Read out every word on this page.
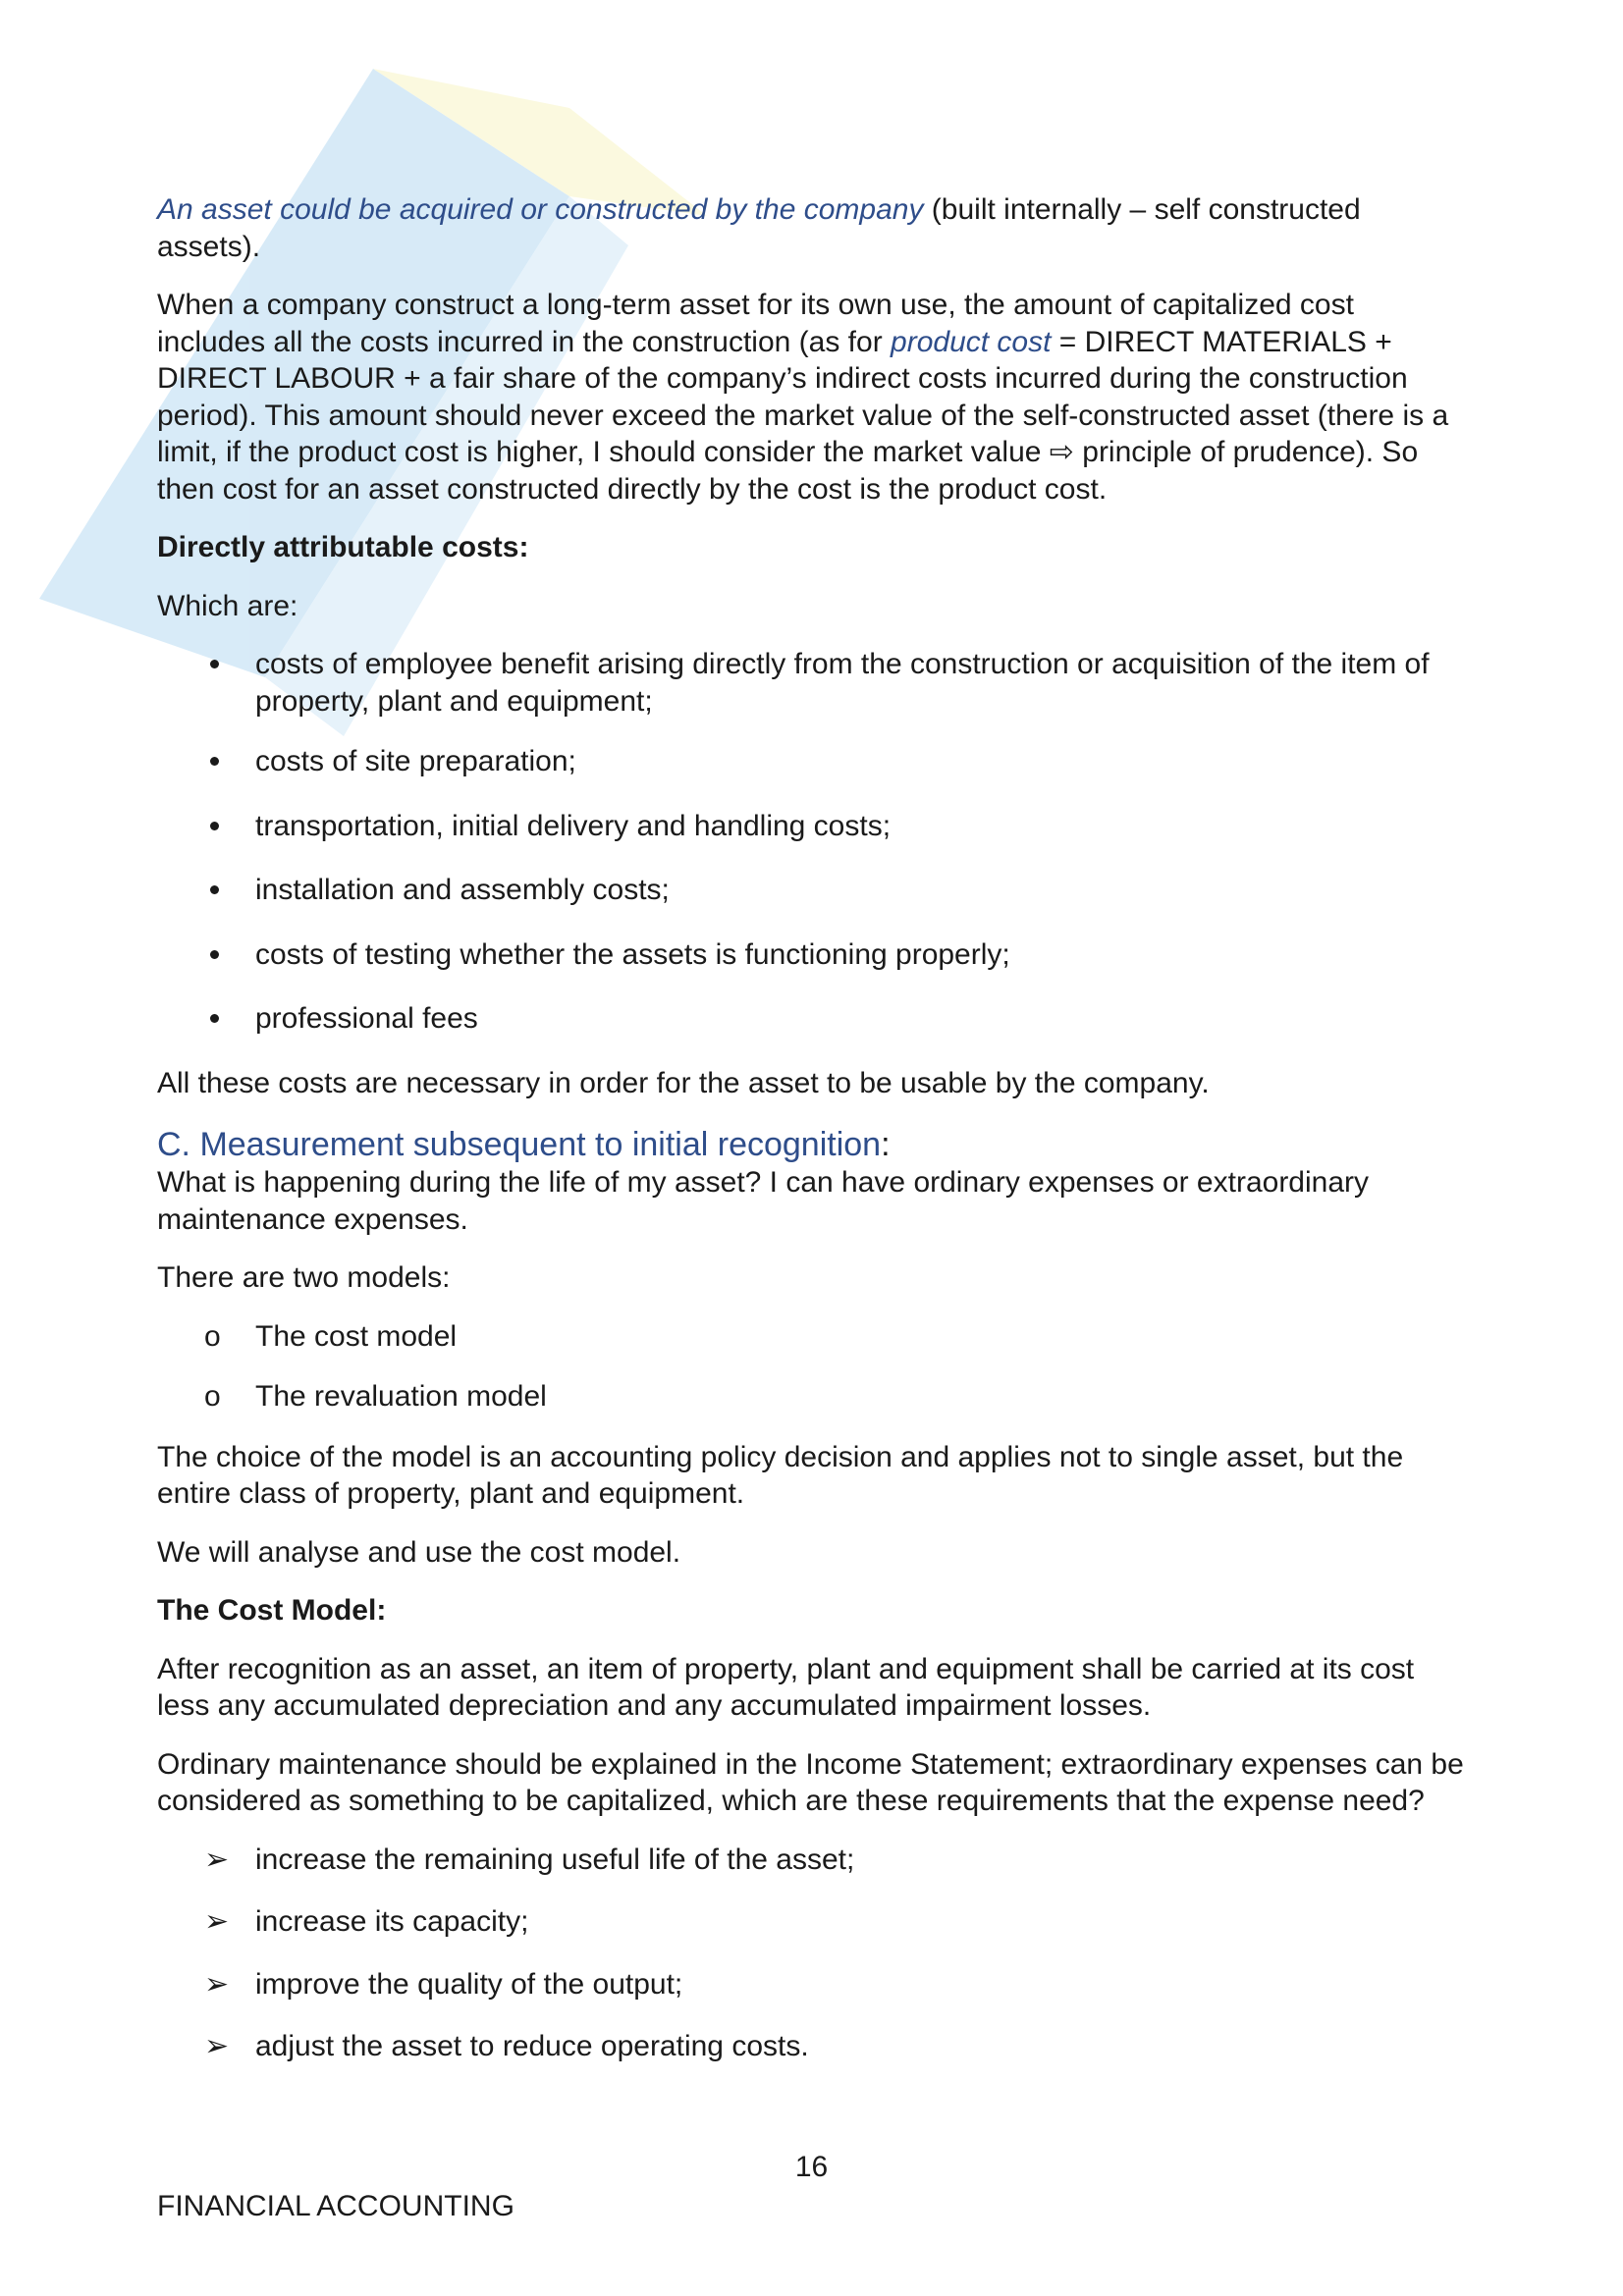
An asset could be acquired or constructed by the company (built internally – self constructed assets).

When a company construct a long-term asset for its own use, the amount of capitalized cost includes all the costs incurred in the construction (as for product cost = DIRECT MATERIALS + DIRECT LABOUR + a fair share of the company’s indirect costs incurred during the construction period). This amount should never exceed the market value of the self-constructed asset (there is a limit, if the product cost is higher, I should consider the market value ⇨ principle of prudence). So then cost for an asset constructed directly by the cost is the product cost.

Directly attributable costs:

Which are:

costs of employee benefit arising directly from the construction or acquisition of the item of property, plant and equipment;
costs of site preparation;
transportation, initial delivery and handling costs;
installation and assembly costs;
costs of testing whether the assets is functioning properly;
professional fees

All these costs are necessary in order for the asset to be usable by the company.

C. Measurement subsequent to initial recognition:

What is happening during the life of my asset? I can have ordinary expenses or extraordinary maintenance expenses.

There are two models:

o The cost model
o The revaluation model

The choice of the model is an accounting policy decision and applies not to single asset, but the entire class of property, plant and equipment.

We will analyse and use the cost model.

The Cost Model:

After recognition as an asset, an item of property, plant and equipment shall be carried at its cost less any accumulated depreciation and any accumulated impairment losses.

Ordinary maintenance should be explained in the Income Statement; extraordinary expenses can be considered as something to be capitalized, which are these requirements that the expense need?

➢ increase the remaining useful life of the asset;
➢ increase its capacity;
➢ improve the quality of the output;
➢ adjust the asset to reduce operating costs.
16
FINANCIAL ACCOUNTING
